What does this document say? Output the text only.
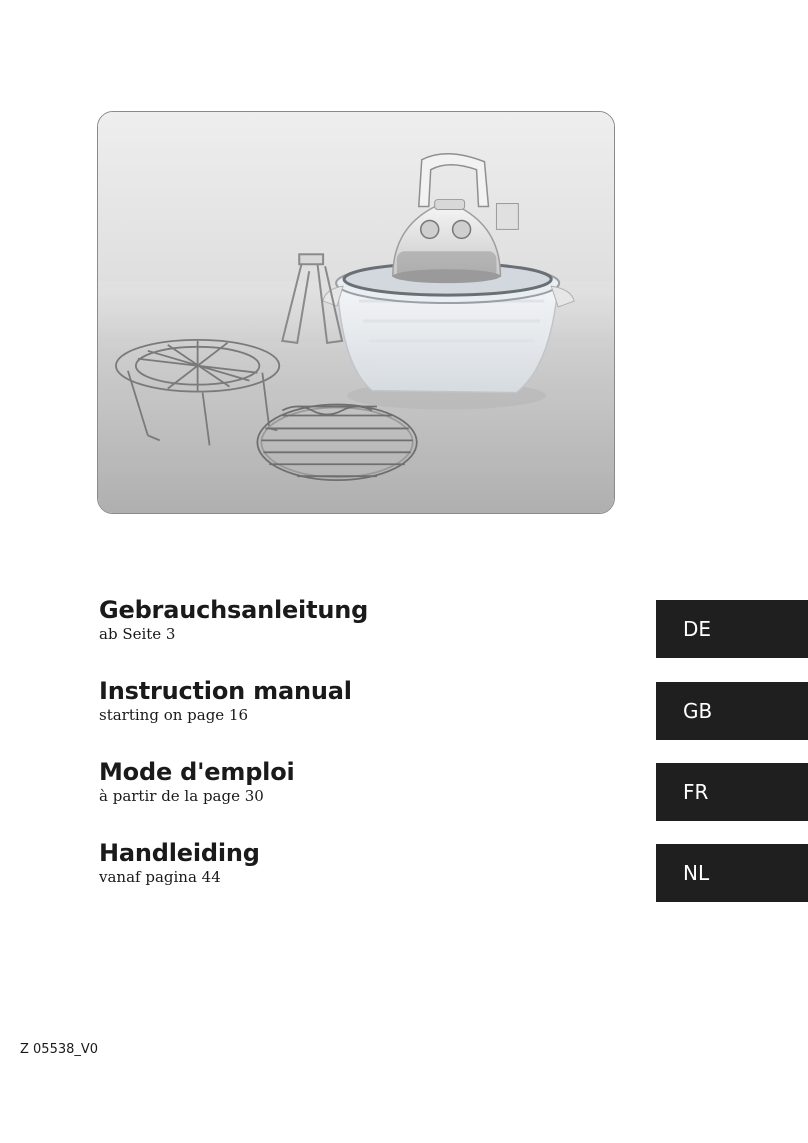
Gebrauchsanleitung
ab Seite 3
Instruction manual
starting on page 16
Mode d'emploi
à partir de la page 30
Handleiding
vanaf pagina 44
DE
GB
FR
NL
Z 05538_V0
